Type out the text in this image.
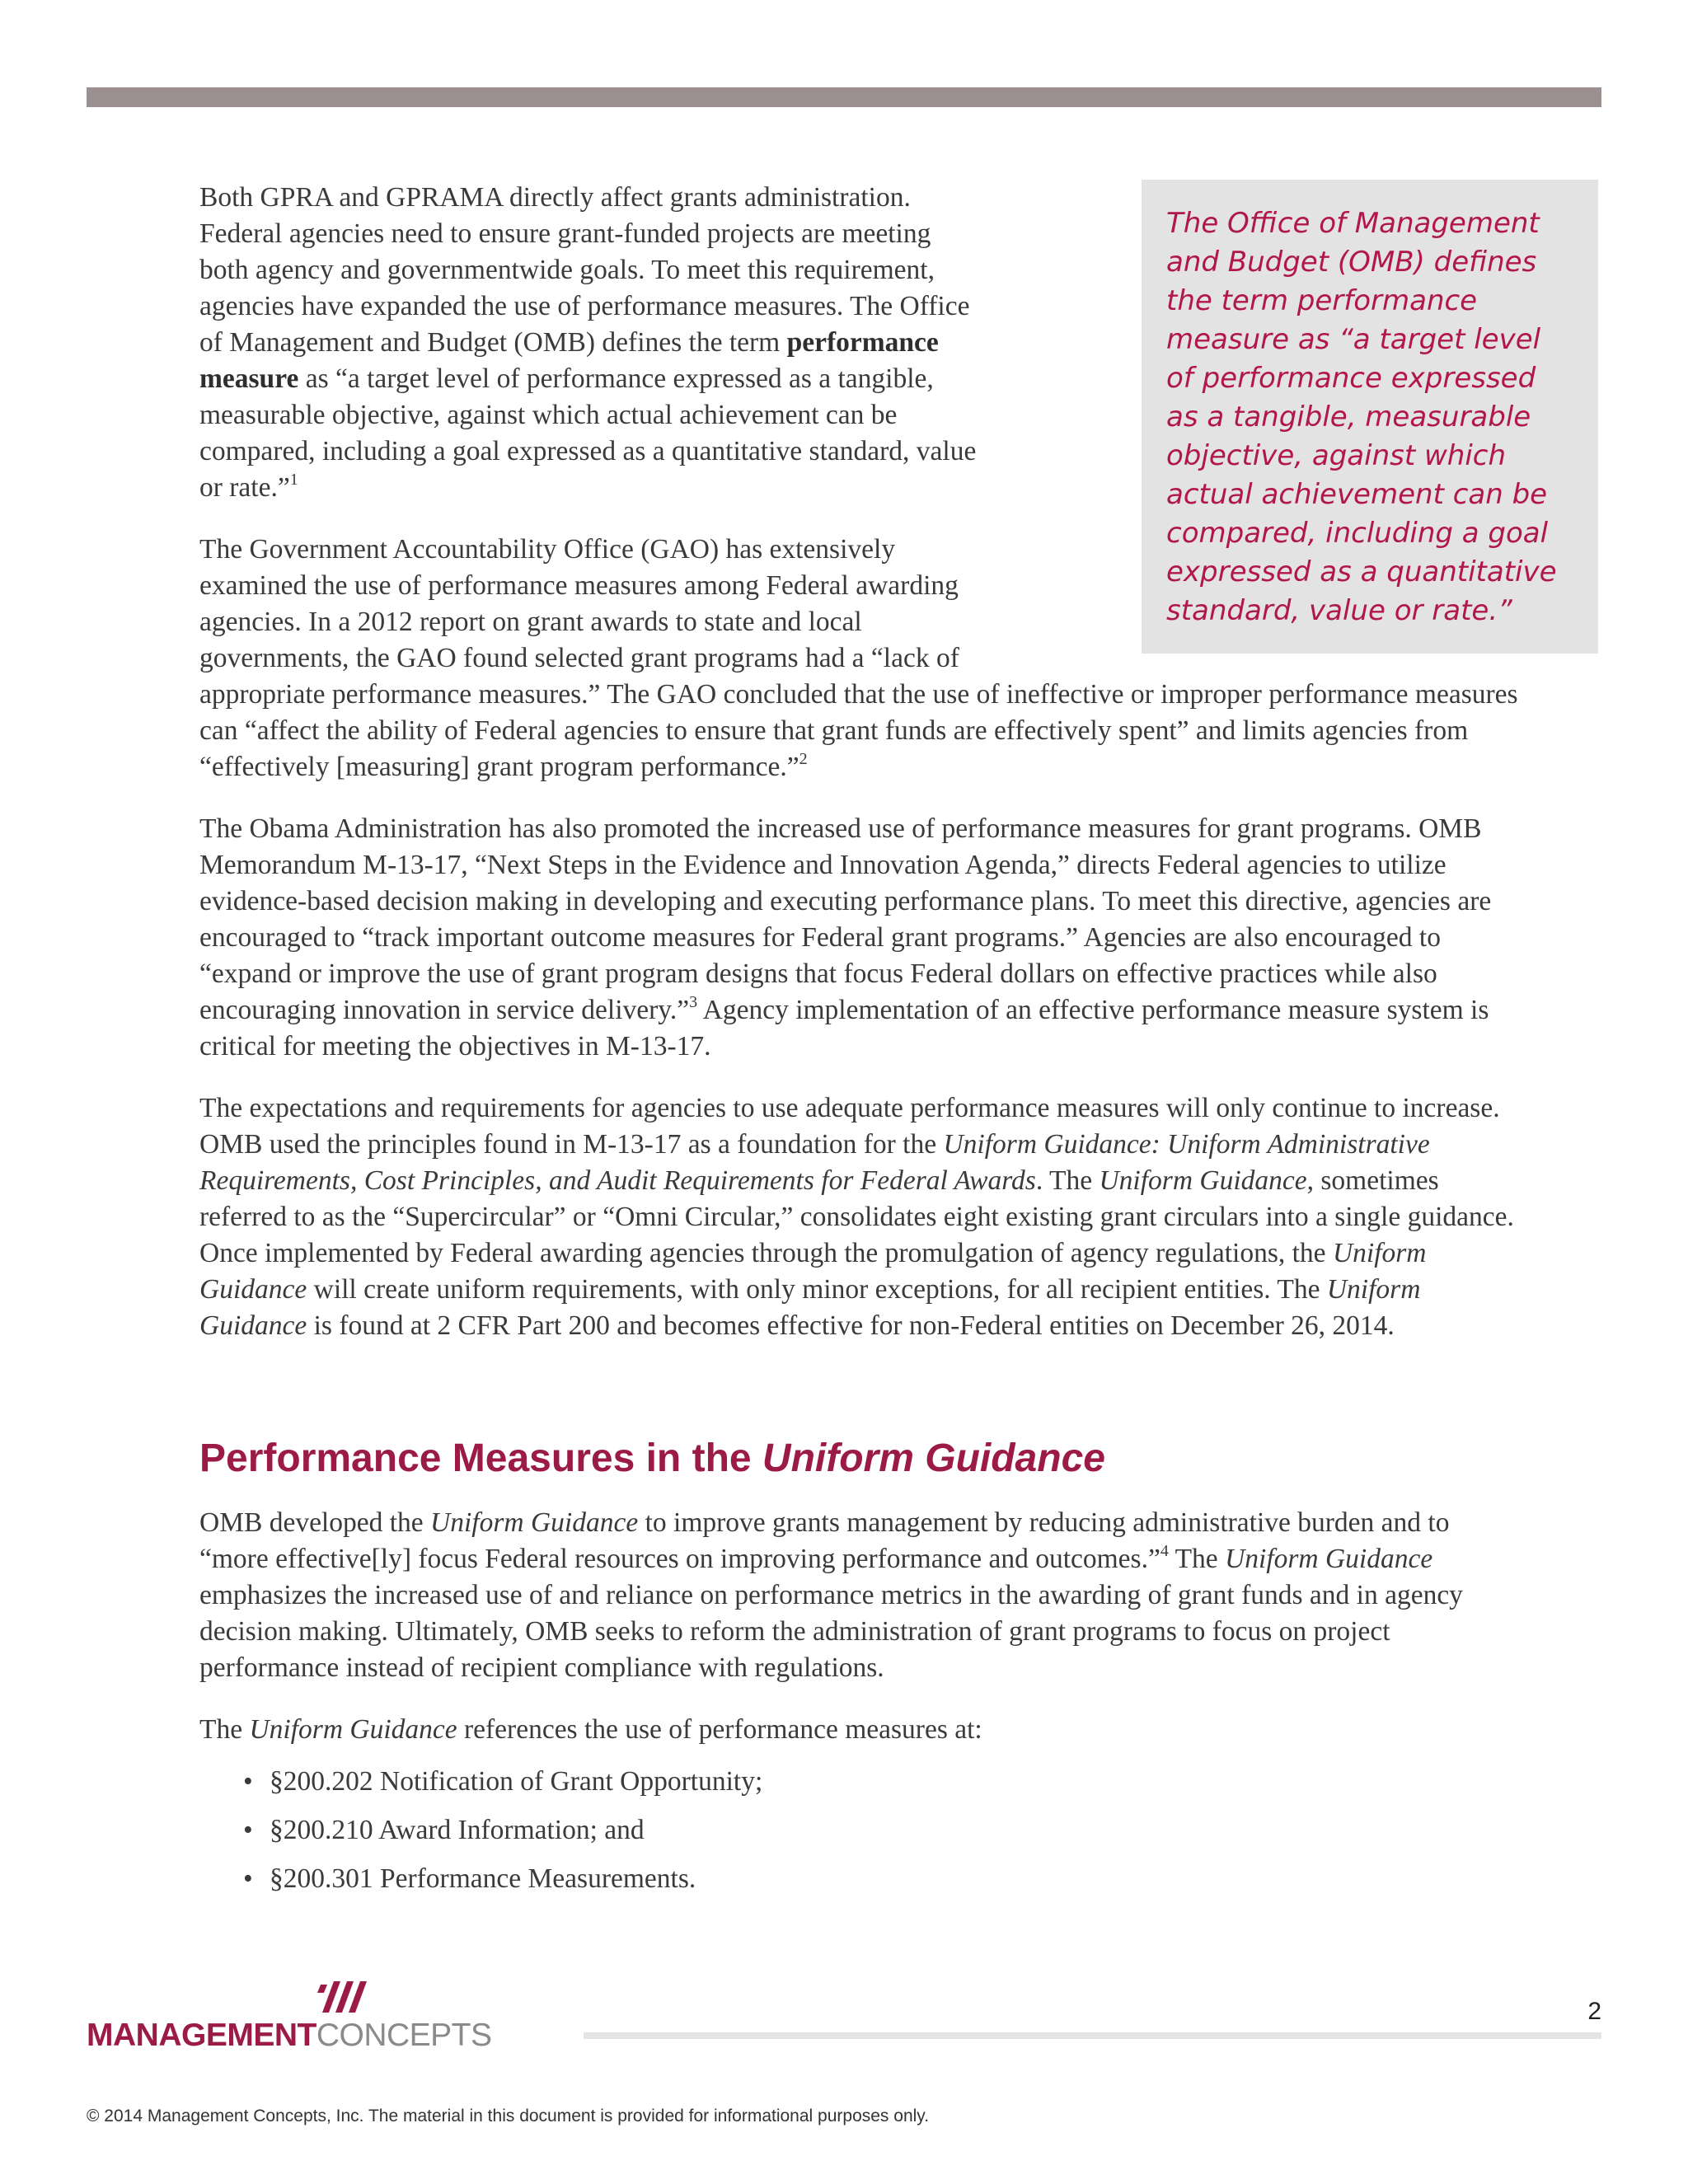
The Office of Management and Budget (OMB) defines the term performance measure as “a target level of performance expressed as a tangible, measurable objective, against which actual achievement can be compared, including a goal expressed as a quantitative standard, value or rate.”

Both GPRA and GPRAMA directly affect grants administration. Federal agencies need to ensure grant-funded projects are meeting both agency and governmentwide goals. To meet this requirement, agencies have expanded the use of performance measures. The Office of Management and Budget (OMB) defines the term performance measure as “a target level of performance expressed as a tangible, measurable objective, against which actual achievement can be compared, including a goal expressed as a quantitative standard, value or rate.”$^1$

The Government Accountability Office (GAO) has extensively examined the use of performance measures among Federal awarding agencies. In a 2012 report on grant awards to state and local governments, the GAO found selected grant programs had a “lack of appropriate performance measures.” The GAO concluded that the use of ineffective or improper performance measures can “affect the ability of Federal agencies to ensure that grant funds are effectively spent” and limits agencies from “effectively [measuring] grant program performance.”$^2$

The Obama Administration has also promoted the increased use of performance measures for grant programs. OMB Memorandum M-13-17, “Next Steps in the Evidence and Innovation Agenda,” directs Federal agencies to utilize evidence-based decision making in developing and executing performance plans. To meet this directive, agencies are encouraged to “track important outcome measures for Federal grant programs.” Agencies are also encouraged to “expand or improve the use of grant program designs that focus Federal dollars on effective practices while also encouraging innovation in service delivery.”$^3$ Agency implementation of an effective performance measure system is critical for meeting the objectives in M-13-17.

The expectations and requirements for agencies to use adequate performance measures will only continue to increase. OMB used the principles found in M-13-17 as a foundation for the Uniform Guidance: Uniform Administrative Requirements, Cost Principles, and Audit Requirements for Federal Awards. The Uniform Guidance, sometimes referred to as the “Supercircular” or “Omni Circular,” consolidates eight existing grant circulars into a single guidance. Once implemented by Federal awarding agencies through the promulgation of agency regulations, the Uniform Guidance will create uniform requirements, with only minor exceptions, for all recipient entities. The Uniform Guidance is found at 2 CFR Part 200 and becomes effective for non-Federal entities on December 26, 2014.

Performance Measures in the Uniform Guidance

OMB developed the Uniform Guidance to improve grants management by reducing administrative burden and to “more effective[ly] focus Federal resources on improving performance and outcomes.”$^4$ The Uniform Guidance emphasizes the increased use of and reliance on performance metrics in the awarding of grant funds and in agency decision making. Ultimately, OMB seeks to reform the administration of grant programs to focus on project performance instead of recipient compliance with regulations.

The Uniform Guidance references the use of performance measures at:

• §200.202 Notification of Grant Opportunity;
• §200.210 Award Information; and
• §200.301 Performance Measurements.
MANAGEMENTCONCEPTS
2
© 2014 Management Concepts, Inc. The material in this document is provided for informational purposes only.
